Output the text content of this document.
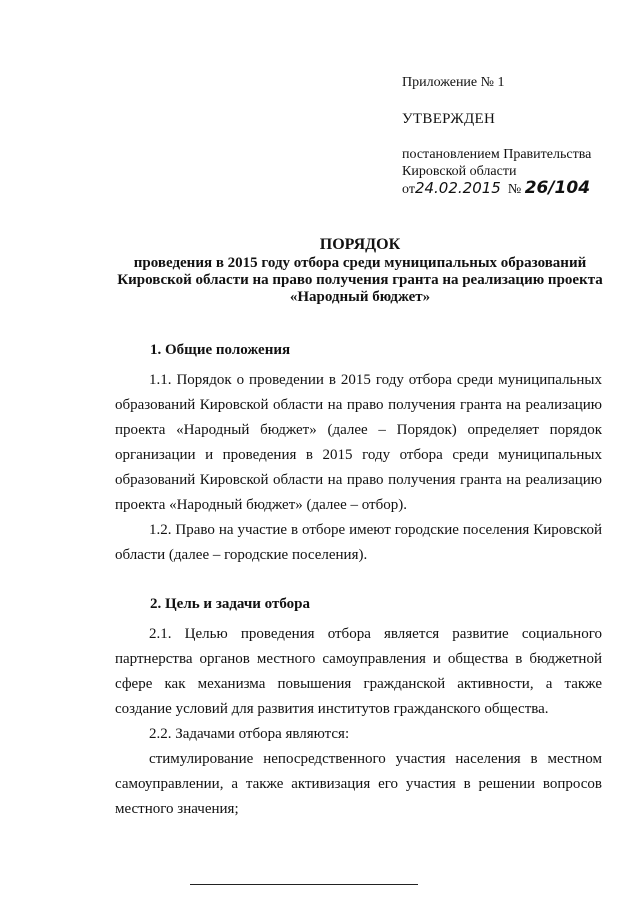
Приложение № 1
УТВЕРЖДЕН
постановлением Правительства
Кировской области
от24.02.2015 № 26/104
ПОРЯДОК
проведения в 2015 году отбора среди муниципальных образований
Кировской области на право получения гранта на реализацию проекта
«Народный бюджет»
1. Общие положения

1.1. Порядок о проведении в 2015 году отбора среди муниципальных образований Кировской области на право получения гранта на реализацию проекта «Народный бюджет» (далее – Порядок) определяет порядок организации и проведения в 2015 году отбора среди муниципальных образований Кировской области на право получения гранта на реализацию проекта «Народный бюджет» (далее – отбор).

1.2. Право на участие в отборе имеют городские поселения Кировской области (далее – городские поселения).

2. Цель и задачи отбора

2.1. Целью проведения отбора является развитие социального партнерства органов местного самоуправления и общества в бюджетной сфере как механизма повышения гражданской активности, а также создание условий для развития институтов гражданского общества.

2.2. Задачами отбора являются:

стимулирование непосредственного участия населения в местном самоуправлении, а также активизация его участия в решении вопросов местного значения;
